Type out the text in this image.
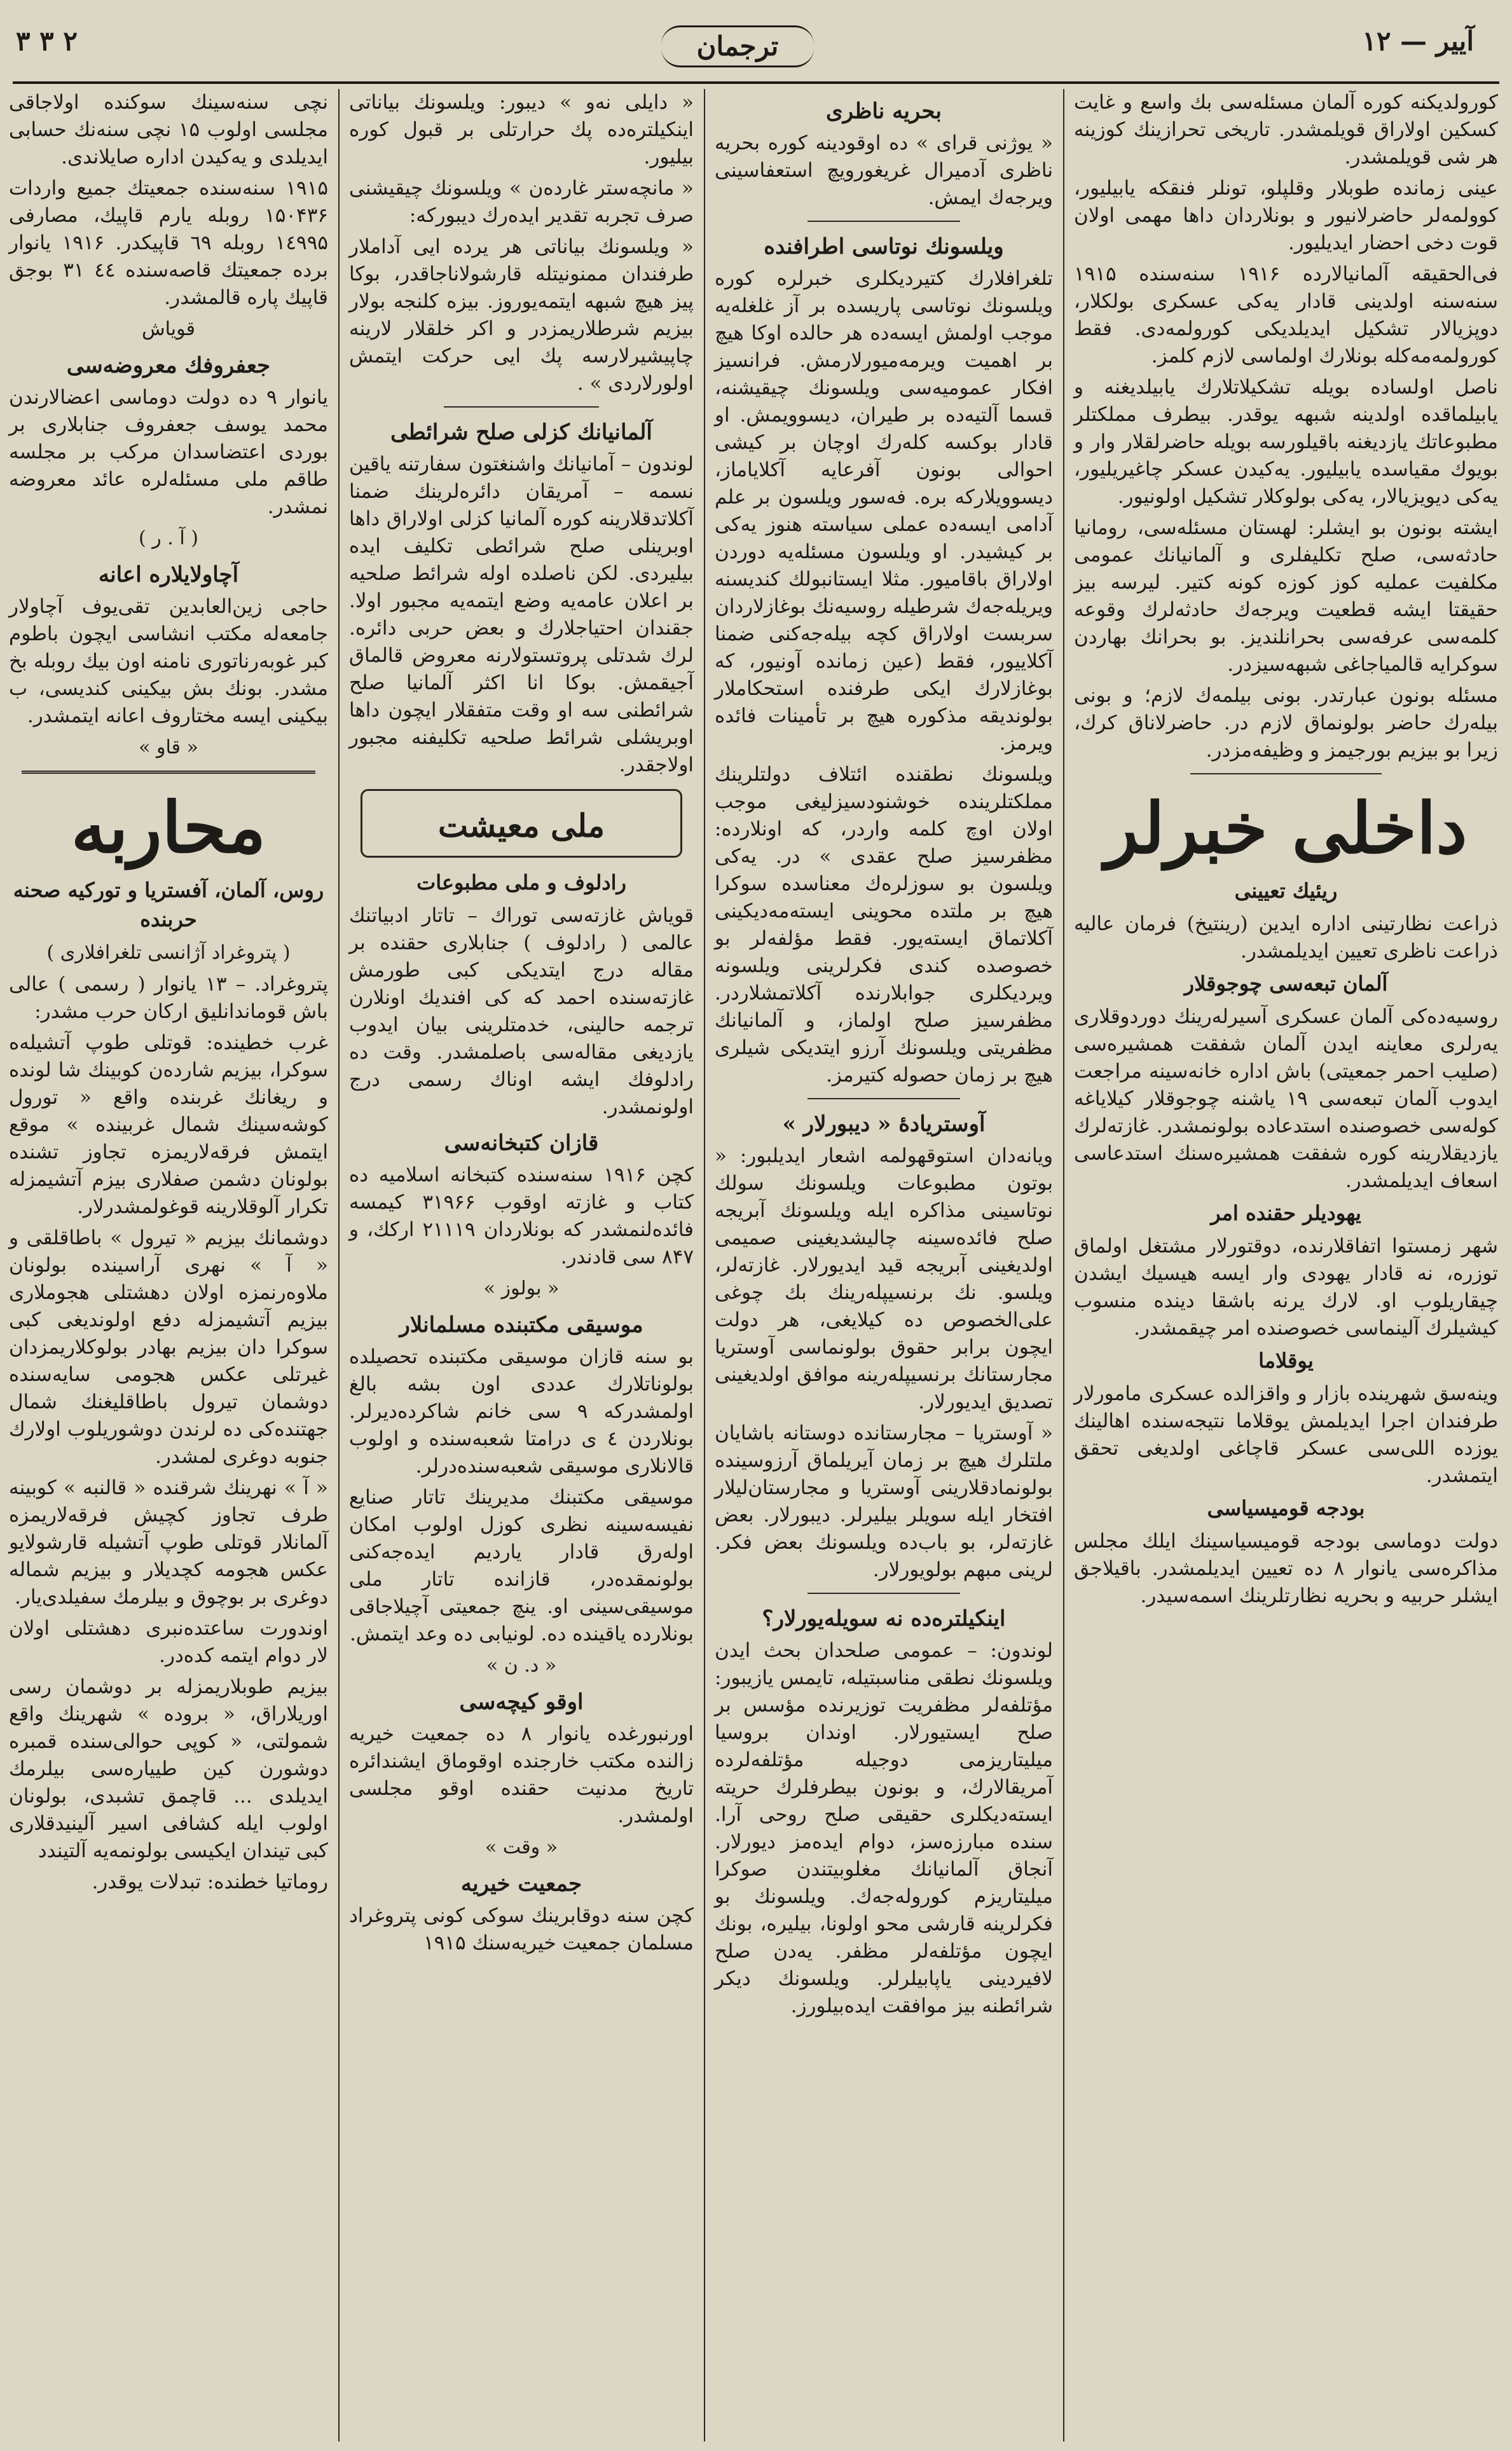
۳ ۳ ۲	ترجمان	۱۲ — آییر

كورولديكنه كوره آلمان مسئله‌سی بك واسع و غايت كسكين اولاراق قويلمشدر. تاريخی تحرازينك كوزينه هر شی قويلمشدر.

عينی زمانده طوبلار وقلپلو، تونلر فنقكه يابيليور، كوولمه‌لر حاضرلانيور و بونلاردان داها مهمی اولان قوت دخی احضار ايديليور.

فی‌الحقيقه آلمانيالارده ۱۹۱۶ سنه‌سنده ۱۹۱۵ سنه‌سنه اولدينی قادار يه‌كی عسكری بولكلار، دوپزيالار تشكيل ايديلديكی كورولمه‌دی. فقط كورولمه‌مه‌كله بونلارك اولماسی لازم كلمز.

ناصل اولساده بويله تشكيلاتلارك يابيلديغنه و يابيلماقده اولدينه شبهه يوقدر. بيطرف مملكتلر مطبوعاتك يازديغنه باقيلورسه بويله حاضرلقلار وار و بويوك مقياسده يابيليور. يه‌كيدن عسكر چاغيريليور، يه‌كی ديويزيالار، يه‌كی بولوكلار تشكيل اولونيور.

ايشته بونون بو ايشلر: لهستان مسئله‌سی، رومانيا حادثه‌سی، صلح تكليفلری و آلمانيانك عمومی مكلفيت عمليه كوز كوزه كونه كتير. ليرسه بيز حقيقتا ايشه قطعيت ويرجه‌ك حادثه‌لرك وقوعه كلمه‌سی عرفه‌سی بحرانلنديز. بو بحرانك بهاردن سوكرايه قالمياجاغی شبهه‌سيزدر.

مسئله بونون عبارتدر. بونی بيلمه‌ك لازم؛ و بونی بيله‌رك حاضر بولونماق لازم در. حاضرلاناق كرك، زيرا بو بيزيم بورجيمز و وظيفه‌مزدر.

داخلی خبرلر
ريئيك تعيينی

ذراعت نظارتينی اداره ايدين (رينتيخ) فرمان عاليه ذراعت ناظری تعيين ايديلمشدر.

آلمان تبعه‌سی چوجوقلار

روسيه‌ده‌كی آلمان عسكری آسيرله‌رينك دوردوقلاری يه‌رلری معاينه ايدن آلمان شفقت همشيره‌سی (صليب احمر جمعيتی) باش اداره خانه‌سينه مراجعت ايدوب آلمان تبعه‌سی ۱۹ ياشنه چوجوقلار كيلاياغه كوله‌سی خصوصنده استدعاده بولونمشدر. غازته‌لرك يازديقلارينه كوره شفقت همشيره‌سنك استدعاسی اسعاف ايديلمشدر.

يهوديلر حقنده امر

شهر زمستوا اتفاقلارنده، دوقتورلار مشتغل اولماق توزره، نه قادار يهودی وار ايسه هيسيك ايشدن چيقاريلوب او. لارك يرنه باشقا دينده منسوب كيشيلرك آلينماسی خصوصنده امر چيقمشدر.

يوقلاما

وينه‌سق شهرينده بازار و واقزالده عسكری مامورلار طرفندان اجرا ايديلمش يوقلاما نتيجه‌سنده اهالينك يوزده اللی‌سی عسكر قاچاغی اولديغی تحقق ايتمشدر.

بودجه قوميسياسی

دولت دوماسی بودجه قوميسياسينك ايلك مجلس مذاكره‌سی يانوار ۸ ده تعيين ايديلمشدر. باقيلاجق ايشلر حربيه و بحريه نظارتلرينك اسمه‌سيدر.

بحريه ناظری

« يوژنی قرای » ده اوقودينه كوره بحريه ناظری آدميرال غريغورويچ استعفاسينی ويرجه‌ك ايمش.

ويلسونك نوتاسی اطرافنده

تلغرافلارك كتيرديكلری خبرلره كوره ويلسونك نوتاسی پاريسده بر آز غلغله‌يه موجب اولمش ايسه‌ده هر حالده اوكا هيچ بر اهميت ويرمه‌ميورلارمش. فرانسيز افكار عموميه‌سی ويلسونك چيقيشنه، قسما آلتيه‌ده بر طيران، ديسوويمش. او قادار بوكسه كله‌رك اوچان بر كيشی احوالی بونون آفرعايه آكلاياماز، ديسوويلاركه بره. فه‌سور ويلسون بر علم آدامی ايسه‌ده عملی سياسته هنوز يه‌كی بر كيشيدر. او ويلسون مسئله‌يه دوردن اولاراق باقاميور. مثلا ايستانبولك كنديسنه ويريله‌جه‌ك شرطيله روسيه‌نك بوغازلاردان سربست اولاراق كچه بيله‌جه‌كنی ضمنا آكلاييور، فقط (عين زمانده آونيور، كه بوغازلارك ايكی طرفنده استحكاملار بولونديقه مذكوره هيچ بر تأمينات فائده ويرمز.

ويلسونك نطقنده ائتلاف دولتلرينك مملكتلرينده خوشنودسيزليغی موجب اولان اوچ كلمه واردر، كه اونلارده: مظفرسيز صلح عقدی » در. يه‌كی ويلسون بو سوزلره‌ك معناسده سوكرا هيچ بر ملتده محوينی ايسته‌مه‌ديكينی آكلاتماق ايسته‌يور. فقط مؤلفه‌لر بو خصوصده كندی فكرلرينی ويلسونه ويرديكلری جوابلارنده آكلاتمشلاردر. مظفرسيز صلح اولماز، و آلمانيانك مظفريتی ويلسونك آرزو ايتديكی شيلری هيچ بر زمان حصوله كتيرمز.

آوستريادهٔ « ديبورلار »

ويانه‌دان استوقهولمه اشعار ايديلبور: « بوتون مطبوعات ويلسونك سولك نوتاسينی مذاكره ايله ويلسونك آبريجه صلح فائده‌سينه چاليشديغينی صميمی اولديغينی آبريجه قيد ايديورلار. غازته‌لر، ويلسو. نك برنسيپله‌رينك بك چوغی علی‌الخصوص ده كيلايغی، هر دولت ايچون برابر حقوق بولونماسی آوستريا مجارستانك برنسيپله‌رينه موافق اولديغينی تصديق ايديورلار.

« آوستريا – مجارستانده دوستانه باشايان ملتلرك هيچ بر زمان آيريلماق آرزوسينده بولونمادقلارينی آوستريا و مجارستان‌لیلار افتخار ايله سويلر بيليرلر. ديبورلار. بعض غازته‌لر، بو باب‌ده ويلسونك بعض فكر. لرينی مبهم بولويورلار.

اينكيلتره‌ده نه سويله‌يورلار؟

لوندون: – عمومی صلحدان بحث ايدن ويلسونك نطقی مناسبتيله، تايمس يازيبور: مؤتلفه‌لر مظفريت توزيرنده مؤسس بر صلح ايستيورلار. اوندان بروسيا ميليتاريزمی دوجيله مؤتلفه‌لرده آمريقالارك، و بونون بيطرفلرك حريته ايسته‌ديكلری حقيقی صلح روحی آرا. سنده مبارزه‌سز، دوام ايده‌مز ديورلار. آنجاق آلمانيانك مغلوبيتندن صوكرا ميليتاريزم كوروله‌جه‌ك. ويلسونك بو فكرلرينه قارشی محو اولونا، بيليره، بونك ايچون مؤتلفه‌لر مظفر. يه‌دن صلح لافيردينی ياپابيلرلر. ويلسونك ديكر شرائطنه بيز موافقت ايده‌بيلورز.

« دايلی نه‌و » ديبور: ويلسونك بياناتی اينكيلتره‌ده پك حرارتلی بر قبول كوره بيليور.

« مانچه‌ستر غاردەن » ويلسونك چيقيشنی صرف تجربه تقدير ايده‌رك ديبوركه:

« ويلسونك بياناتی هر يرده ايی آداملار طرفندان ممنونيتله قارشولاناجاقدر، بوكا پيز هيچ شبهه ايتمه‌يوروز. بيزه كلنجه بولار بيزيم شرطلاريمزدر و اكر خلقلار لارينه چاپيشيرلارسه پك ايی حركت ايتمش اولورلاردی » .

آلمانيانك كزلی صلح شرائطی

لوندون – آمانيانك واشنغتون سفارتنه ياقين نسمه – آمريقان دائره‌لرينك ضمنا آكلاتدقلارينه كوره آلمانيا كزلی اولاراق داها اوبرينلی صلح شرائطی تكليف ايده بيليردی. لكن ناصلده اوله شرائط صلحيه بر اعلان عامه‌يه وضع ايتمه‌يه مجبور اولا. جقندان احتياجلارك و بعض حربی دائره. لرك شدتلی پروتستولارنه معروض قالماق آجيقمش. بوكا انا اكثر آلمانيا صلح شرائطنی سه او وقت متفقلار ايچون داها اوبريشلی شرائط صلحيه تكليفنه مجبور اولاجقدر.

ملی معيشت
رادلوف و ملی مطبوعات

قوياش غازته‌سی توراك – تاتار ادبياتنك عالمی ( رادلوف ) جنابلاری حقنده بر مقاله درج ايتديكی كبی طورمش غازته‌سنده احمد كه كی افنديك اونلارن ترجمه حالينی، خدمتلرينی بيان ايدوب يازديغی مقاله‌سی باصلمشدر. وقت ده رادلوفك ايشه اوناك رسمی درج اولونمشدر.

قازان كتبخانه‌سی

كچن ۱۹۱۶ سنه‌سنده كتبخانه اسلاميه ده كتاب و غازته اوقوب ۳۱۹۶۶ كيمسه فائده‌لنمشدر كه بونلاردان ۲۱۱۱۹ اركك، و ۸۴۷ سی قادندر.

« بولوز »
موسيقی مكتبنده مسلمانلار

بو سنه قازان موسيقی مكتبنده تحصيلده بولوناتلارك عددی اون بشه بالغ اولمشدركه ۹ سی خانم شاكرده‌ديرلر. بونلاردن ٤ ی درامتا شعبه‌سنده و اولوب قالانلاری موسيقی شعبه‌سنده‌درلر.

موسيقی مكتبنك مديرينك تاتار صنايع نفيسه‌سينه نظری كوزل اولوب امكان اوله‌رق قادار يارديم ايده‌جه‌كنی بولونمقده‌در، قازانده تاتار ملی موسيقی‌سينی او. ينچ جمعيتی آچيلاجاقی بونلارده ياقينده ده. لونيابی ده وعد ايتمش.

« د. ن »
اوقو كيچه‌سی

اورنبورغده يانوار ۸ ده جمعيت خيريه زالنده مكتب خارجنده اوقوماق ايشندائره تاريخ مدنيت حقنده اوقو مجلسی اولمشدر.

« وقت »
جمعيت خيريه

كچن سنه دوقابرينك سوكی كونی پتروغراد مسلمان جمعيت خيريه‌سنك ۱۹۱۵

نچی سنه‌سينك سوكنده اولاجاقی مجلسی اولوب ۱۵ نچی سنه‌نك حسابی ايديلدی و يه‌كيدن اداره صايلاندی.

۱۹۱۵ سنه‌سنده جمعيتك جميع واردات ۱۵۰۴۳۶ روبله يارم قاپيك، مصارفی ۱٤۹۹۵ روبله ٦۹ قاپيكدر. ۱۹۱۶ يانوار برده جمعيتك قاصه‌سنده ٤٤ ۳۱ بوجق قاپيك پاره قالمشدر.

قوياش
جعفروفك معروضه‌سی

يانوار ۹ ده دولت دوماسی اعضالارندن محمد يوسف جعفروف جنابلاری بر بوردی اعتضاسدان مركب بر مجلسه طاقم ملی مسئله‌لره عائد معروضه نمشدر.

( آ . ر )
آچاولايلاره اعانه

حاجی زين‌العابدين تقی‌يوف آچاولار جامعه‌له مكتب انشاسی ايچون باطوم كبر غوبه‌رناتوری نامنه اون بيك روبله بخ مشدر. بونك بش بيكينی كنديسی، ب بيكينی ايسه مختاروف اعانه ايتمشدر.

« قاو »
محاربه
روس، آلمان، آفستريا و توركيه صحنه حربنده
( پتروغراد آژانسی تلغرافلاری )

پتروغراد. – ۱۳ يانوار ( رسمی ) عالی باش قوماندانليق اركان حرب مشدر:

غرب خطينده: قوتلی طوپ آتشيله‌ه سوكرا، بيزيم شارده‌ن كوبينك شا لونده و ريغانك غربنده واقع « تورول كوشه‌سينك شمال غربينده » موقع ايتمش فرقه‌لاريمزه تجاوز تشنده بولونان دشمن صفلاری بيزم آتشيمزله تكرار آلوقلارينه قوغولمشدرلار.

دوشمانك بيزيم « تيرول » باطاقلقی و « آ » نهری آراسينده بولونان ملاوه‌رنمزه اولان دهشتلی هجوملاری بيزيم آتشيمزله دفع اولونديغی كبی سوكرا دان بيزيم بهادر بولوكلاريمزدان غيرتلی عكس هجومی سايه‌سنده دوشمان تيرول باطاقليغنك شمال جهتنده‌كی ده لرندن دوشوريلوب اولارك جنوبه دوغری لمشدر.

« آ » نهرينك شرقنده « قالنبه » كوبينه طرف تجاوز كچيش فرقه‌لاريمزه آلمانلار قوتلی طوپ آتشيله قارشولايو عكس هجومه كچديلار و بيزيم شماله دوغری بر بوچوق و بيلرمك سفيلدی‌يار.

اوندورت ساعتده‌نبری دهشتلی اولان لار دوام ايتمه كده‌در.

بيزيم طوبلاريمزله بر دوشمان رسی اوريلاراق، « بروده » شهرينك واقع شمولتی، « كوپی حوالی‌سنده قمبره دوشورن كين طيياره‌سی بيلرمك ايديلدی ... قاچمق تشبدی، بولونان اولوب ايله كشافی اسير آلينيدقلاری كبی تيندان ايكيسی بولونمه‌يه آلتيندد

روماتيا خطنده: تبدلات يوقدر.
